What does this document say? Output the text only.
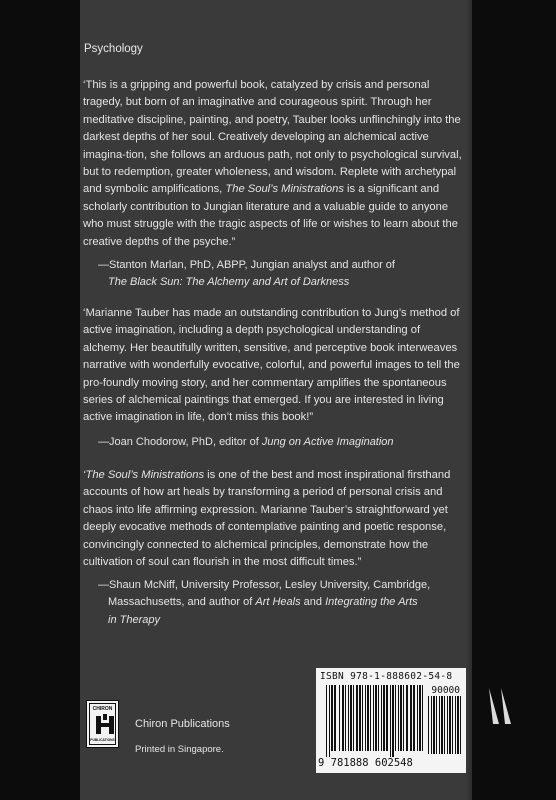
Psychology

‘This is a gripping and powerful book, catalyzed by crisis and personal tragedy, but born of an imaginative and courageous spirit. Through her meditative discipline, painting, and poetry, Tauber looks unflinchingly into the darkest depths of her soul. Creatively developing an alchemical active imagina-tion, she follows an arduous path, not only to psychological survival, but to redemption, greater wholeness, and wisdom. Replete with archetypal and symbolic amplifications, The Soul’s Ministrations is a significant and scholarly contribution to Jungian literature and a valuable guide to anyone who must struggle with the tragic aspects of life or wishes to learn about the creative depths of the psyche.”

—Stanton Marlan, PhD, ABPP, Jungian analyst and author of
The Black Sun: The Alchemy and Art of Darkness

‘Marianne Tauber has made an outstanding contribution to Jung’s method of active imagination, including a depth psychological understanding of alchemy. Her beautifully written, sensitive, and perceptive book interweaves narrative with wonderfully evocative, colorful, and powerful images to tell the pro-foundly moving story, and her commentary amplifies the spontaneous series of alchemical paintings that emerged. If you are interested in living active imagination in life, don’t miss this book!”

—Joan Chodorow, PhD, editor of Jung on Active Imagination

‘The Soul’s Ministrations is one of the best and most inspirational firsthand accounts of how art heals by transforming a period of personal crisis and chaos into life affirming expression. Marianne Tauber’s straightforward yet deeply evocative methods of contemplative painting and poetic response, convincingly connected to alchemical principles, demonstrate how the cultivation of soul can flourish in the most difficult times.”

—Shaun McNiff, University Professor, Lesley University, Cambridge,
Massachusetts, and author of Art Heals and Integrating the Arts
in Therapy
ISBN 978-1-888602-54-8
90000
9 781888 602548
CHIRON
PUBLICATIONS
Chiron Publications
Printed in Singapore.
